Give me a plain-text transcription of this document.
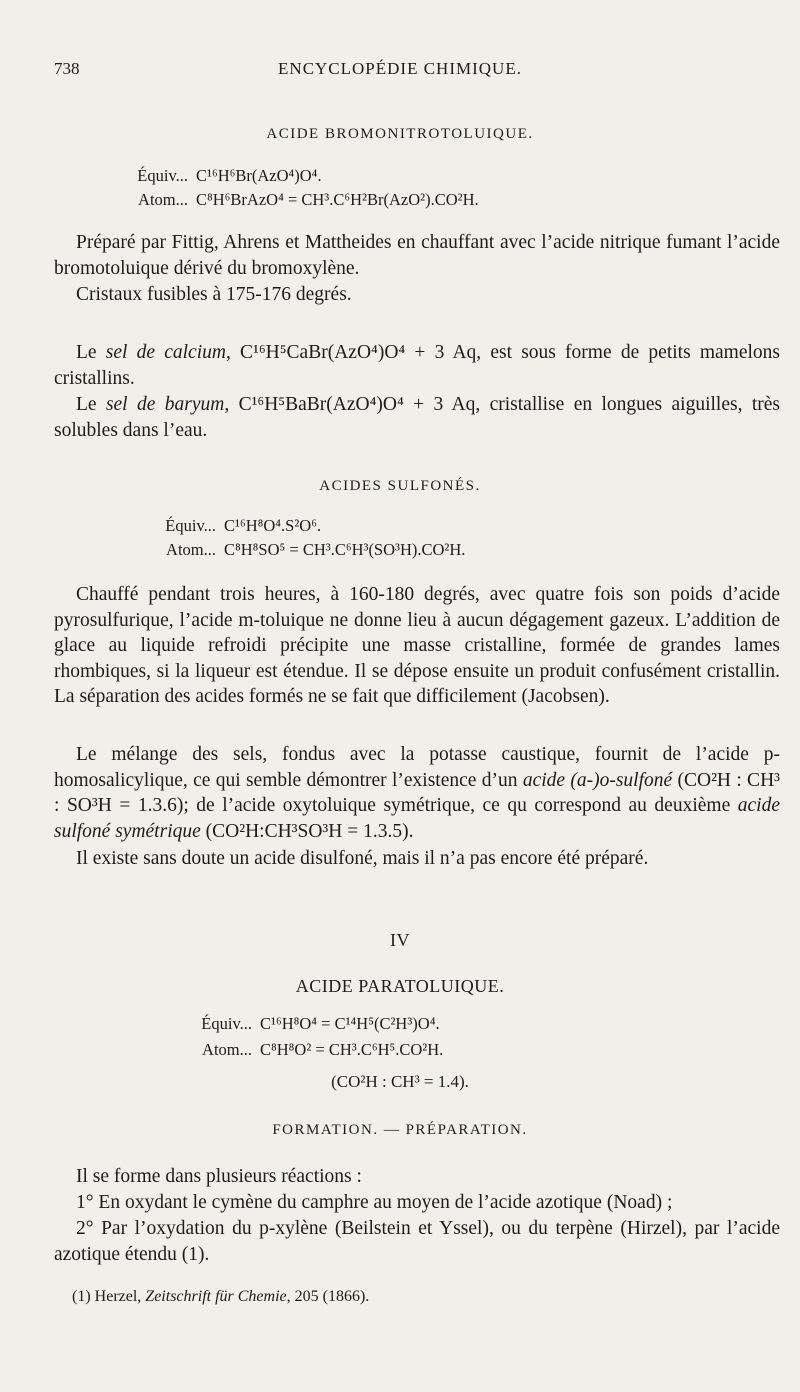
738	ENCYCLOPÉDIE CHIMIQUE.
ACIDE BROMONITROTOLUIQUE.
Équiv... C¹⁶H⁶Br(AzO⁴)O⁴.
Atom... C⁸H⁶BrAzO⁴ = CH³.C⁶H²Br(AzO²).CO²H.

Préparé par Fittig, Ahrens et Mattheides en chauffant avec l’acide nitrique fumant l’acide bromotoluique dérivé du bromoxylène.

Cristaux fusibles à 175-176 degrés.

Le sel de calcium, C¹⁶H⁵CaBr(AzO⁴)O⁴ + 3 Aq, est sous forme de petits mamelons cristallins.

Le sel de baryum, C¹⁶H⁵BaBr(AzO⁴)O⁴ + 3 Aq, cristallise en longues aiguilles, très solubles dans l’eau.

ACIDES SULFONÉS.
Équiv... C¹⁶H⁸O⁴.S²O⁶.
Atom... C⁸H⁸SO⁵ = CH³.C⁶H³(SO³H).CO²H.

Chauffé pendant trois heures, à 160-180 degrés, avec quatre fois son poids d’acide pyrosulfurique, l’acide m-toluique ne donne lieu à aucun dégagement gazeux. L’addition de glace au liquide refroidi précipite une masse cristalline, formée de grandes lames rhombiques, si la liqueur est étendue. Il se dépose ensuite un produit confusément cristallin. La séparation des acides formés ne se fait que difficilement (Jacobsen).

Le mélange des sels, fondus avec la potasse caustique, fournit de l’acide p-homosalicylique, ce qui semble démontrer l’existence d’un acide (a-)o-sulfoné (CO²H : CH³ : SO³H = 1.3.6); de l’acide oxytoluique symétrique, ce qu correspond au deuxième acide sulfoné symétrique (CO²H:CH³SO³H = 1.3.5).

Il existe sans doute un acide disulfoné, mais il n’a pas encore été préparé.

IV
ACIDE PARATOLUIQUE.
Équiv... C¹⁶H⁸O⁴ = C¹⁴H⁵(C²H³)O⁴.
Atom... C⁸H⁸O² = CH³.C⁶H⁵.CO²H.
(CO²H : CH³ = 1.4).
FORMATION. — PRÉPARATION.

Il se forme dans plusieurs réactions :

1° En oxydant le cymène du camphre au moyen de l’acide azotique (Noad) ;

2° Par l’oxydation du p-xylène (Beilstein et Yssel), ou du terpène (Hirzel), par l’acide azotique étendu (1).

(1) Herzel, Zeitschrift für Chemie, 205 (1866).
